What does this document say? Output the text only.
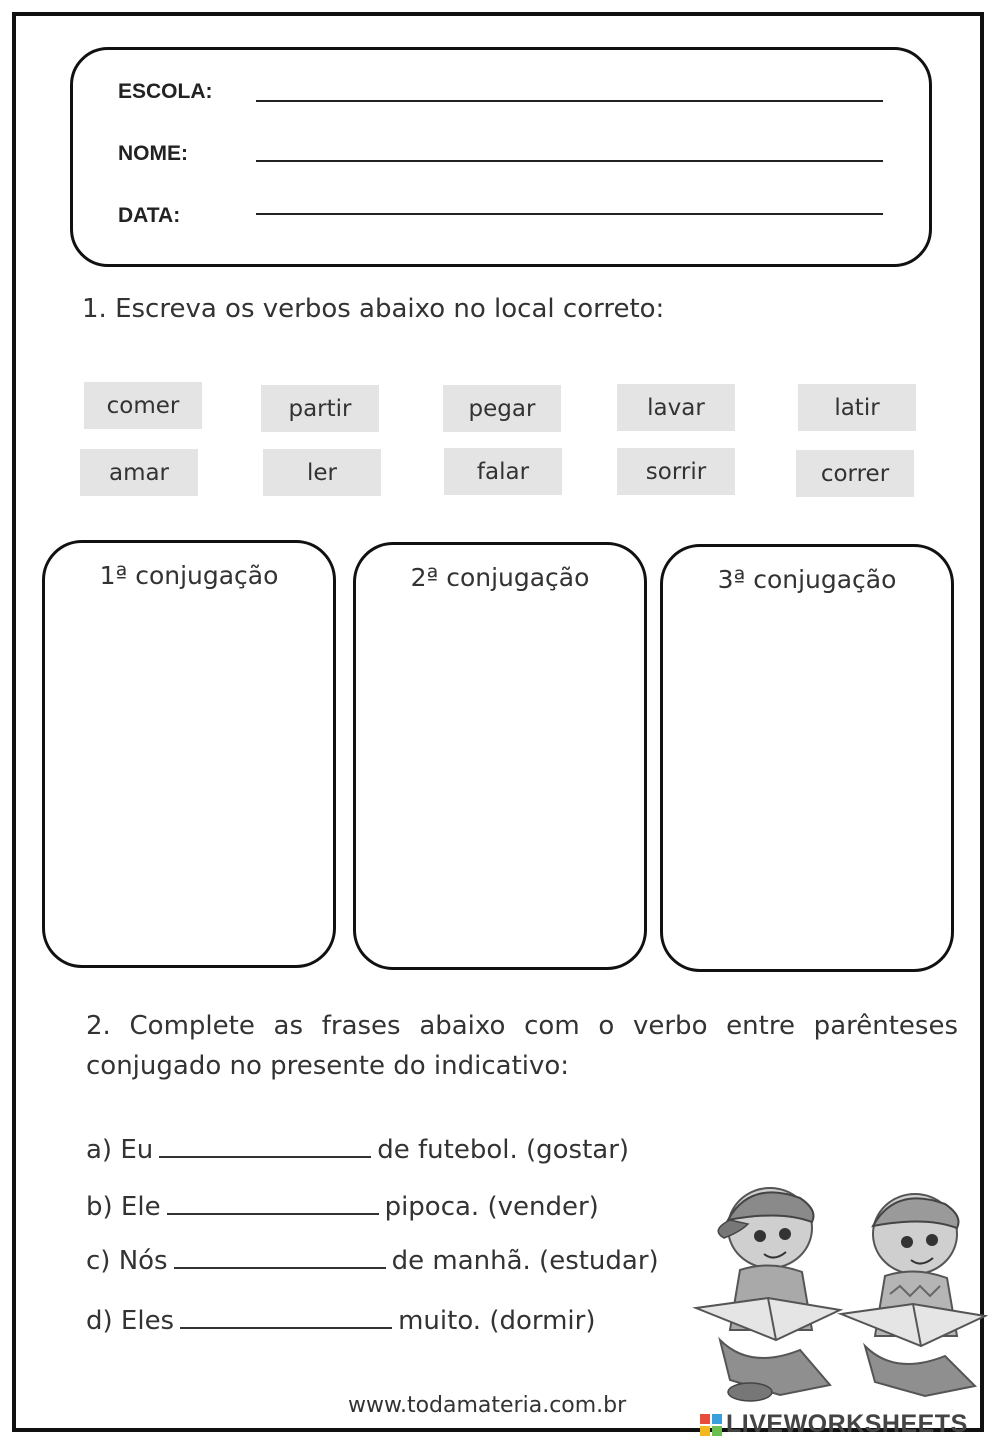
ESCOLA:
NOME:
DATA:
1. Escreva os verbos abaixo no local correto:
comer	partir	pegar	lavar	latir
amar	ler	falar	sorrir	correr
1ª conjugação	2ª conjugação	3ª conjugação
2. Complete as frases abaixo com o verbo entre parênteses conjugado no presente do indicativo:
a) Eu	de futebol. (gostar)
b) Ele	pipoca. (vender)
c) Nós	de manhã. (estudar)
d) Eles	muito. (dormir)
www.todamateria.com.br
LIVEWORKSHEETS
